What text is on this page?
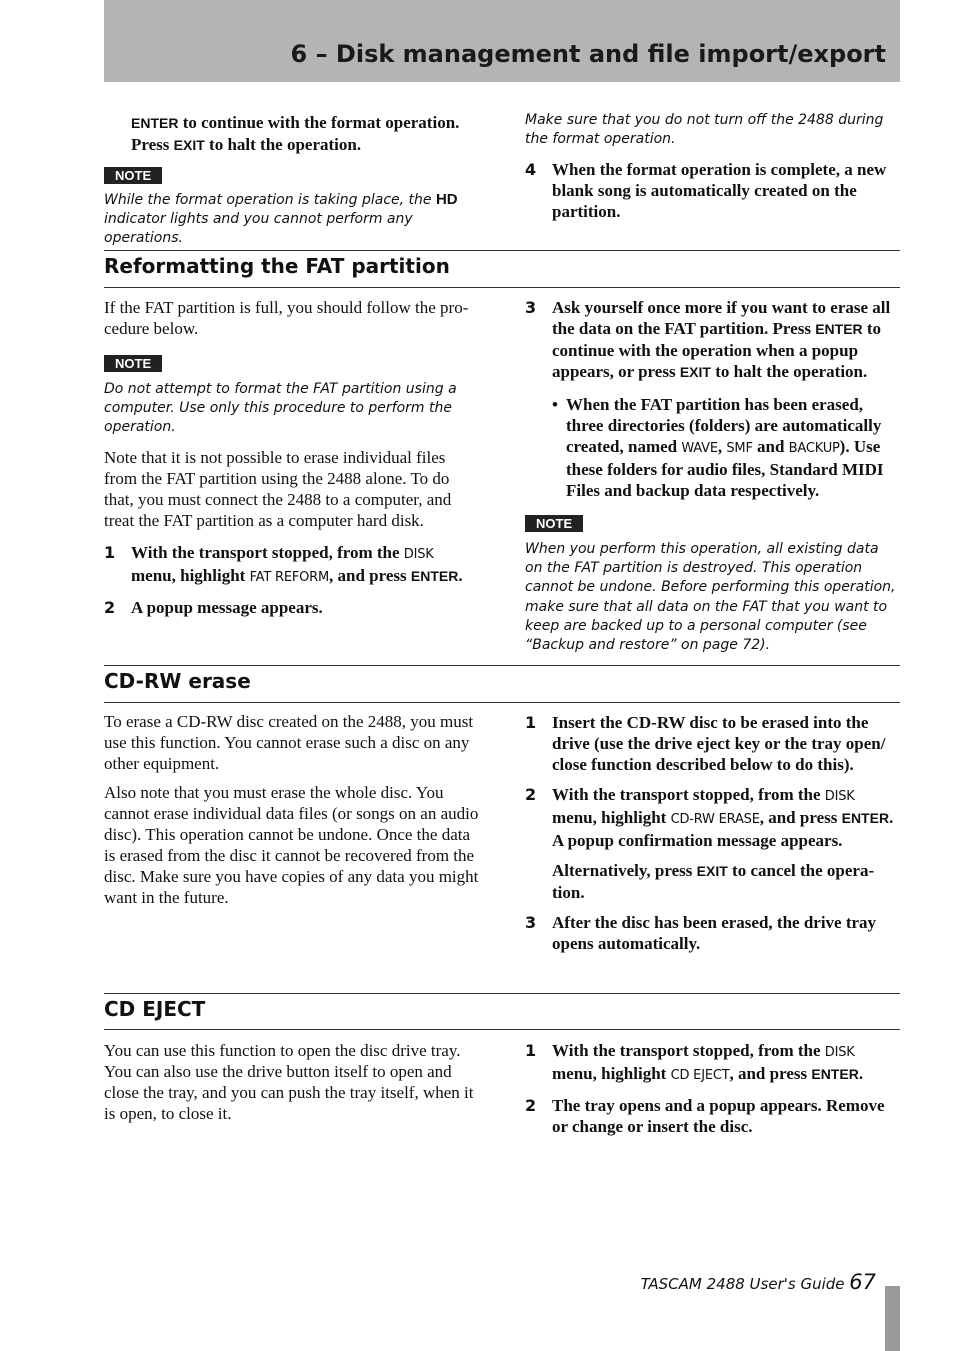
6 – Disk management and file import/export

ENTER to continue with the format operation.

Press EXIT to halt the operation.

NOTE
While the format operation is taking place, the HD indicator lights and you cannot perform any operations.
Make sure that you do not turn off the 2488 during the format operation.
4 When the format operation is complete, a new blank song is automatically created on the partition.
Reformatting the FAT partition

If the FAT partition is full, you should follow the pro-cedure below.

NOTE

Do not attempt to format the FAT partition using a computer. Use only this procedure to perform the operation.

Note that it is not possible to erase individual files from the FAT partition using the 2488 alone. To do that, you must connect the 2488 to a computer, and treat the FAT partition as a computer hard disk.

1 With the transport stopped, from the DISK menu, highlight FAT REFORM, and press ENTER.
2 A popup message appears.
3 Ask yourself once more if you want to erase all the data on the FAT partition. Press ENTER to continue with the operation when a popup appears, or press EXIT to halt the operation.
• When the FAT partition has been erased, three directories (folders) are automatically created, named WAVE, SMF and BACKUP). Use these folders for audio files, Standard MIDI Files and backup data respectively.
NOTE

When you perform this operation, all existing data on the FAT partition is destroyed. This operation cannot be undone. Before performing this operation, make sure that all data on the FAT that you want to keep are backed up to a personal computer (see “Backup and restore” on page 72).

CD-RW erase

To erase a CD-RW disc created on the 2488, you must use this function. You cannot erase such a disc on any other equipment.

Also note that you must erase the whole disc. You cannot erase individual data files (or songs on an audio disc). This operation cannot be undone. Once the data is erased from the disc it cannot be recovered from the disc. Make sure you have copies of any data you might want in the future.

1 Insert the CD-RW disc to be erased into the drive (use the drive eject key or the tray open/ close function described below to do this).
2 With the transport stopped, from the DISK menu, highlight CD-RW ERASE, and press ENTER. A popup confirmation message appears.

Alternatively, press EXIT to cancel the opera-tion.

3 After the disc has been erased, the drive tray opens automatically.
CD EJECT
You can use this function to open the disc drive tray. You can also use the drive button itself to open and close the tray, and you can push the tray itself, when it is open, to close it.
1 With the transport stopped, from the DISK menu, highlight CD EJECT, and press ENTER.
2 The tray opens and a popup appears. Remove or change or insert the disc.
TASCAM 2488 User's Guide 67
